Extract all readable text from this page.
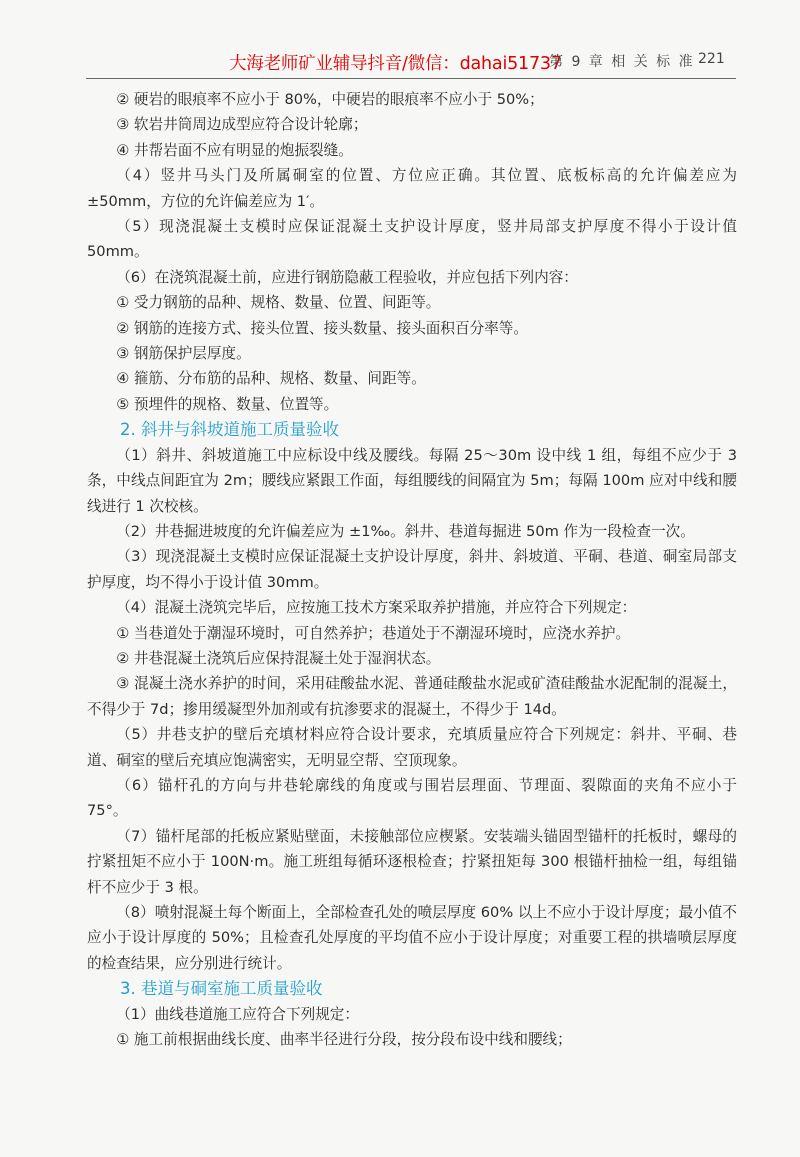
大海老师矿业辅导抖音/微信：dahai51737
第 9 章 相 关 标 准 221

② 硬岩的眼痕率不应小于 80%，中硬岩的眼痕率不应小于 50%；

③ 软岩井筒周边成型应符合设计轮廓；

④ 井帮岩面不应有明显的炮振裂缝。

（4）竖井马头门及所属硐室的位置、方位应正确。其位置、底板标高的允许偏差应为 ±50mm，方位的允许偏差应为 1′。

（5）现浇混凝土支模时应保证混凝土支护设计厚度，竖井局部支护厚度不得小于设计值 50mm。

（6）在浇筑混凝土前，应进行钢筋隐蔽工程验收，并应包括下列内容：

① 受力钢筋的品种、规格、数量、位置、间距等。

② 钢筋的连接方式、接头位置、接头数量、接头面积百分率等。

③ 钢筋保护层厚度。

④ 箍筋、分布筋的品种、规格、数量、间距等。

⑤ 预埋件的规格、数量、位置等。

2. 斜井与斜坡道施工质量验收

（1）斜井、斜坡道施工中应标设中线及腰线。每隔 25～30m 设中线 1 组，每组不应少于 3 条，中线点间距宜为 2m；腰线应紧跟工作面，每组腰线的间隔宜为 5m；每隔 100m 应对中线和腰线进行 1 次校核。

（2）井巷掘进坡度的允许偏差应为 ±1‰。斜井、巷道每掘进 50m 作为一段检查一次。

（3）现浇混凝土支模时应保证混凝土支护设计厚度，斜井、斜坡道、平硐、巷道、硐室局部支护厚度，均不得小于设计值 30mm。

（4）混凝土浇筑完毕后，应按施工技术方案采取养护措施，并应符合下列规定：

① 当巷道处于潮湿环境时，可自然养护；巷道处于不潮湿环境时，应浇水养护。

② 井巷混凝土浇筑后应保持混凝土处于湿润状态。

③ 混凝土浇水养护的时间，采用硅酸盐水泥、普通硅酸盐水泥或矿渣硅酸盐水泥配制的混凝土，不得少于 7d；掺用缓凝型外加剂或有抗渗要求的混凝土，不得少于 14d。

（5）井巷支护的壁后充填材料应符合设计要求，充填质量应符合下列规定：斜井、平硐、巷道、硐室的壁后充填应饱满密实，无明显空帮、空顶现象。

（6）锚杆孔的方向与井巷轮廓线的角度或与围岩层理面、节理面、裂隙面的夹角不应小于 75°。

（7）锚杆尾部的托板应紧贴壁面，未接触部位应楔紧。安装端头锚固型锚杆的托板时，螺母的拧紧扭矩不应小于 100N·m。施工班组每循环逐根检查；拧紧扭矩每 300 根锚杆抽检一组，每组锚杆不应少于 3 根。

（8）喷射混凝土每个断面上，全部检查孔处的喷层厚度 60% 以上不应小于设计厚度；最小值不应小于设计厚度的 50%；且检查孔处厚度的平均值不应小于设计厚度；对重要工程的拱墙喷层厚度的检查结果，应分别进行统计。

3. 巷道与硐室施工质量验收

（1）曲线巷道施工应符合下列规定：

① 施工前根据曲线长度、曲率半径进行分段，按分段布设中线和腰线；
